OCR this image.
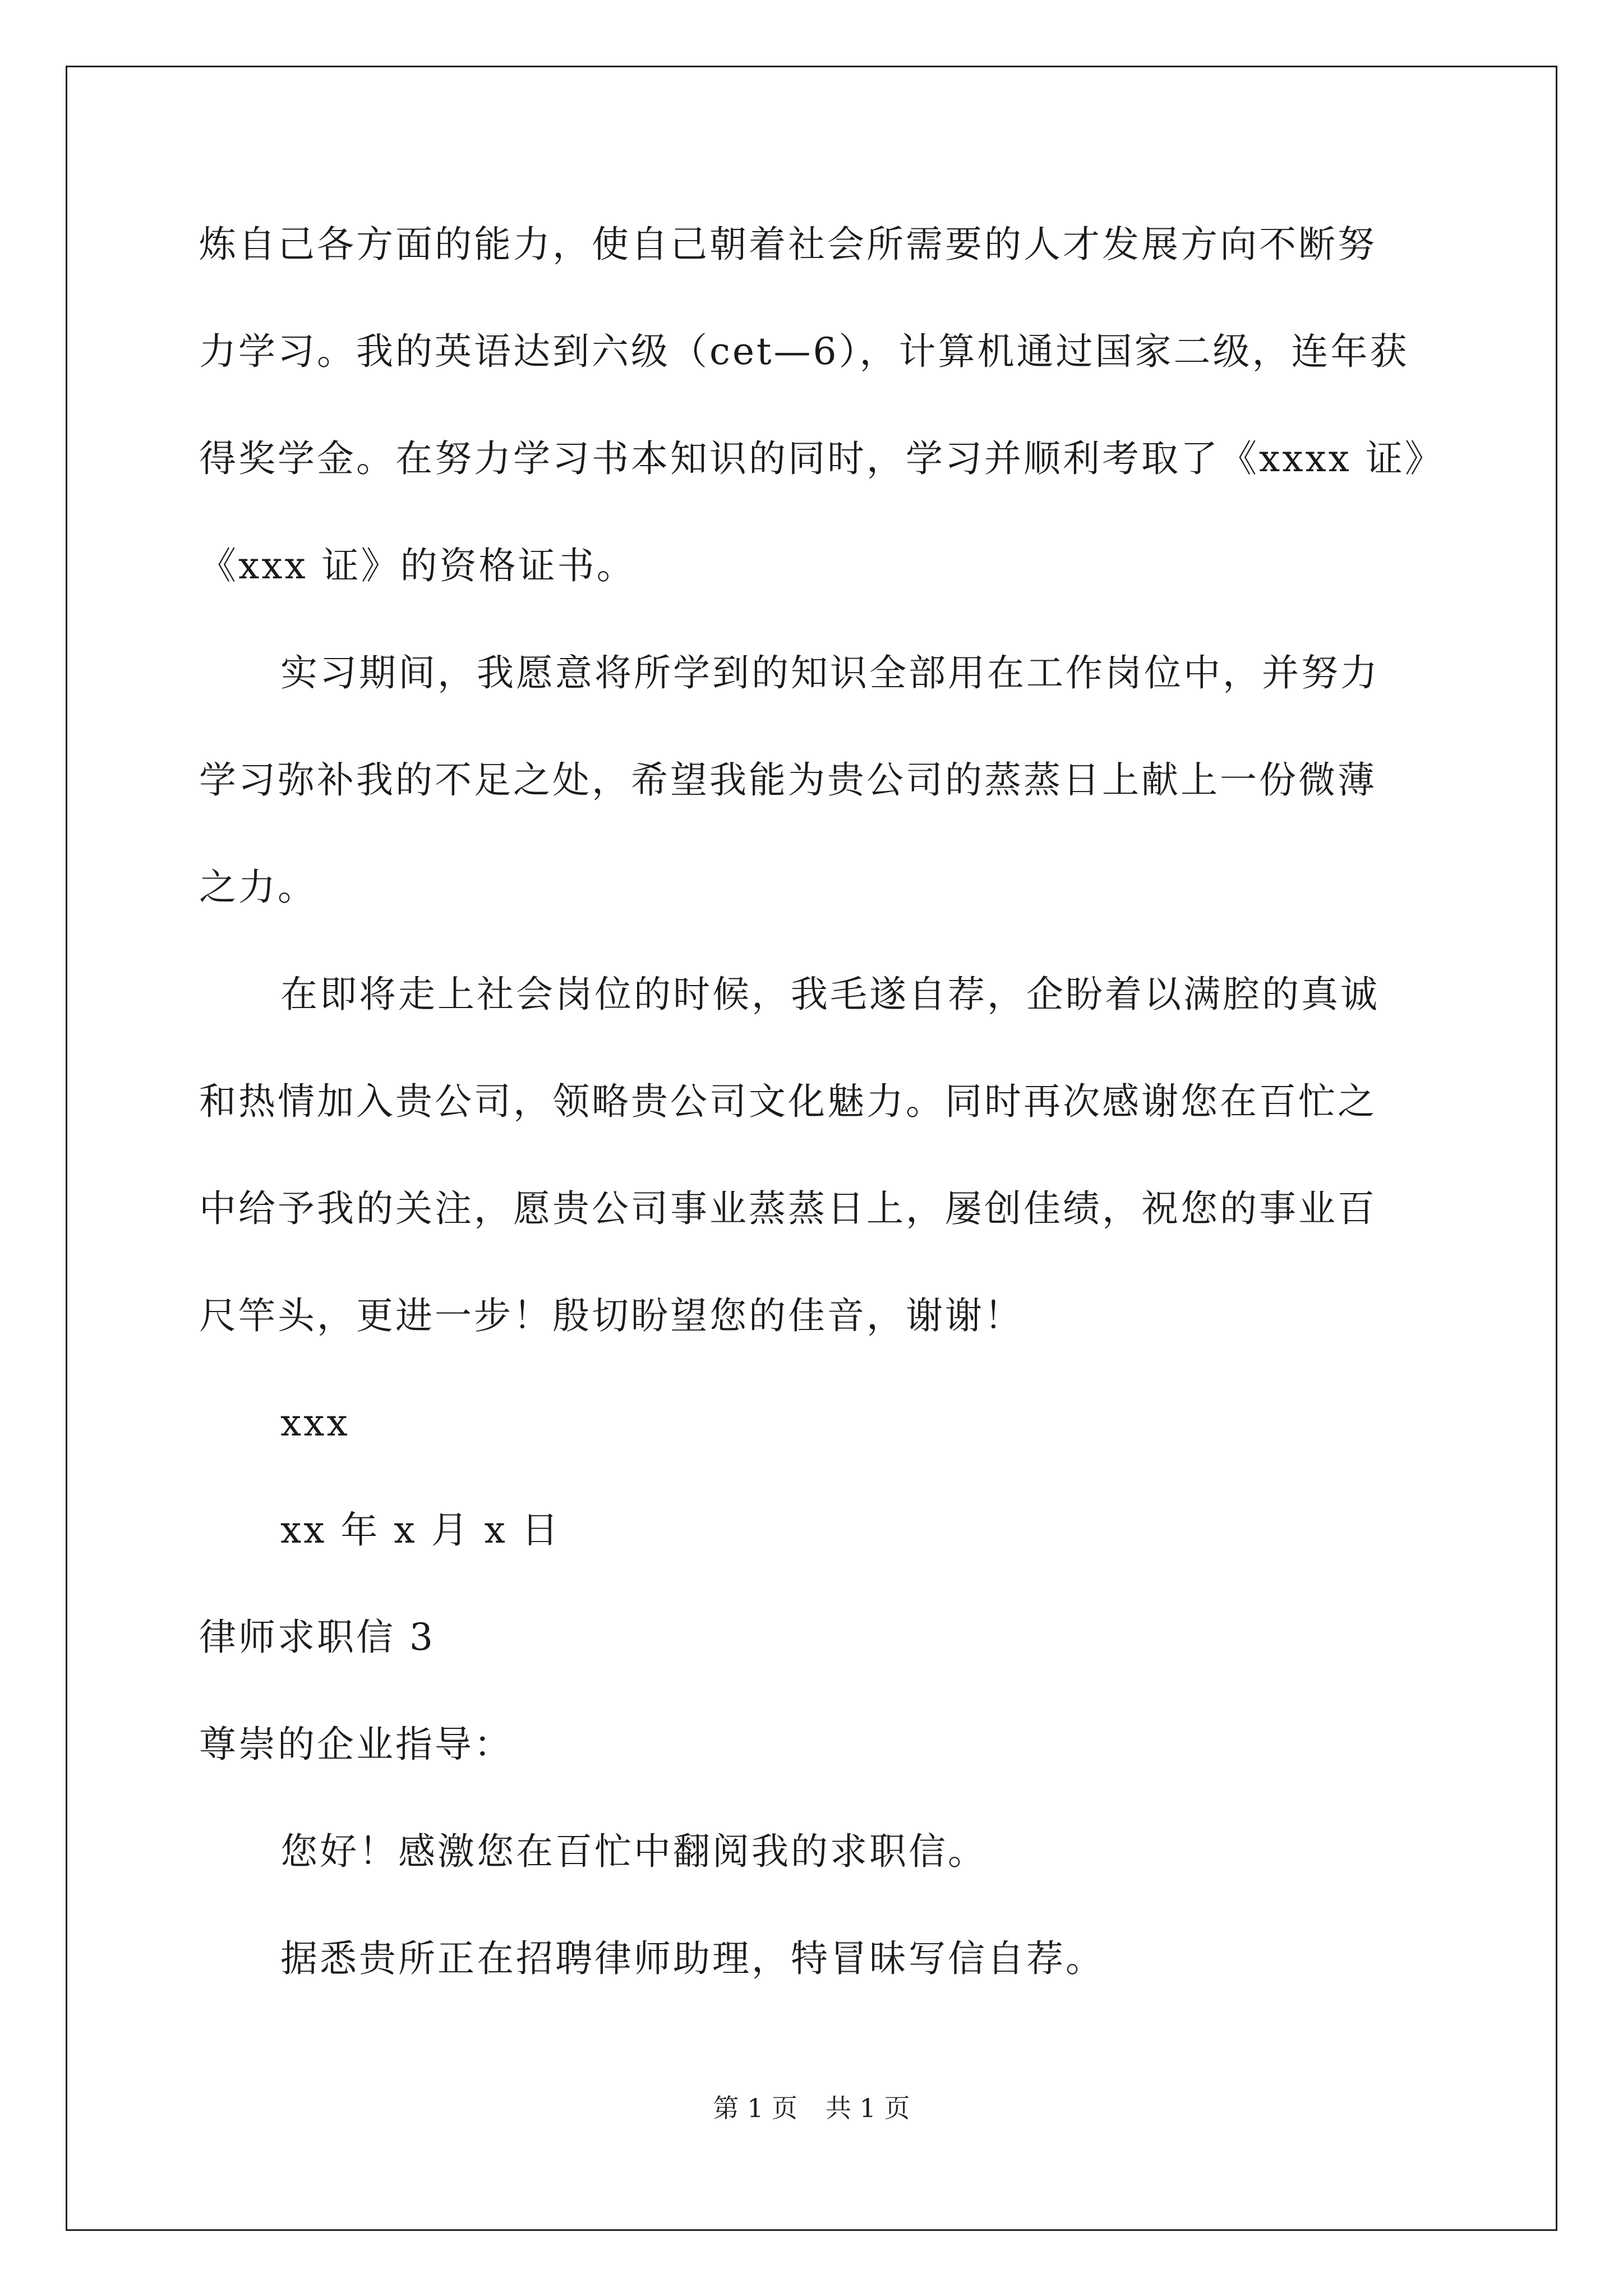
炼自己各方面的能力，使自己朝着社会所需要的人才发展方向不断努
力学习。我的英语达到六级（cet—6），计算机通过国家二级，连年获
得奖学金。在努力学习书本知识的同时，学习并顺利考取了《xxxx 证》
《xxx 证》的资格证书。
实习期间，我愿意将所学到的知识全部用在工作岗位中，并努力
学习弥补我的不足之处，希望我能为贵公司的蒸蒸日上献上一份微薄
之力。
在即将走上社会岗位的时候，我毛遂自荐，企盼着以满腔的真诚
和热情加入贵公司，领略贵公司文化魅力。同时再次感谢您在百忙之
中给予我的关注，愿贵公司事业蒸蒸日上，屡创佳绩，祝您的事业百
尺竿头，更进一步！殷切盼望您的佳音，谢谢！
xxx
xx 年 x 月 x 日
律师求职信 3
尊崇的企业指导：
您好！感激您在百忙中翻阅我的求职信。
据悉贵所正在招聘律师助理，特冒昧写信自荐。
第 1 页 共 1 页
